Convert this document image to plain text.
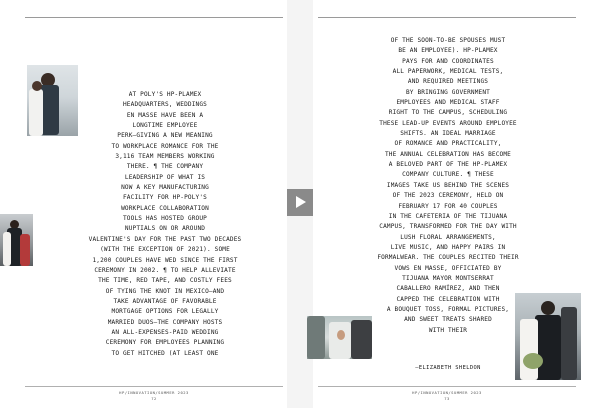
AT POLY'S HP-PLAMEX
HEADQUARTERS, WEDDINGS
EN MASSE HAVE BEEN A
LONGTIME EMPLOYEE
PERK—GIVING A NEW MEANING
TO WORKPLACE ROMANCE FOR THE
3,116 TEAM MEMBERS WORKING
THERE. ¶ THE COMPANY
LEADERSHIP OF WHAT IS
NOW A KEY MANUFACTURING
FACILITY FOR HP-POLY'S
WORKPLACE COLLABORATION
TOOLS HAS HOSTED GROUP
NUPTIALS ON OR AROUND
VALENTINE'S DAY FOR THE PAST TWO DECADES
(WITH THE EXCEPTION OF 2021). SOME
1,200 COUPLES HAVE WED SINCE THE FIRST
CEREMONY IN 2002. ¶ TO HELP ALLEVIATE
THE TIME, RED TAPE, AND COSTLY FEES
OF TYING THE KNOT IN MEXICO—AND
TAKE ADVANTAGE OF FAVORABLE
MORTGAGE OPTIONS FOR LEGALLY
MARRIED DUOS—THE COMPANY HOSTS
AN ALL-EXPENSES-PAID WEDDING
CEREMONY FOR EMPLOYEES PLANNING
TO GET HITCHED (AT LEAST ONE
OF THE SOON-TO-BE SPOUSES MUST
BE AN EMPLOYEE). HP-PLAMEX
PAYS FOR AND COORDINATES
ALL PAPERWORK, MEDICAL TESTS,
AND REQUIRED MEETINGS
BY BRINGING GOVERNMENT
EMPLOYEES AND MEDICAL STAFF
RIGHT TO THE CAMPUS, SCHEDULING
THESE LEAD-UP EVENTS AROUND EMPLOYEE
SHIFTS. AN IDEAL MARRIAGE
OF ROMANCE AND PRACTICALITY,
THE ANNUAL CELEBRATION HAS BECOME
A BELOVED PART OF THE HP-PLAMEX
COMPANY CULTURE. ¶ THESE
IMAGES TAKE US BEHIND THE SCENES
OF THE 2023 CEREMONY, HELD ON
FEBRUARY 17 FOR 40 COUPLES
IN THE CAFETERIA OF THE TIJUANA
CAMPUS, TRANSFORMED FOR THE DAY WITH
LUSH FLORAL ARRANGEMENTS,
LIVE MUSIC, AND HAPPY PAIRS IN
FORMALWEAR. THE COUPLES RECITED THEIR
VOWS EN MASSE, OFFICIATED BY
TIJUANA MAYOR MONTSERRAT
CABALLERO RAMÍREZ, AND THEN
CAPPED THE CELEBRATION WITH
A BOUQUET TOSS, FORMAL PICTURES,
AND SWEET TREATS SHARED
WITH THEIR
—ELIZABETH SHELDON
HP/INNOVATION/SUMMER 2023
72
HP/INNOVATION/SUMMER 2023
73
